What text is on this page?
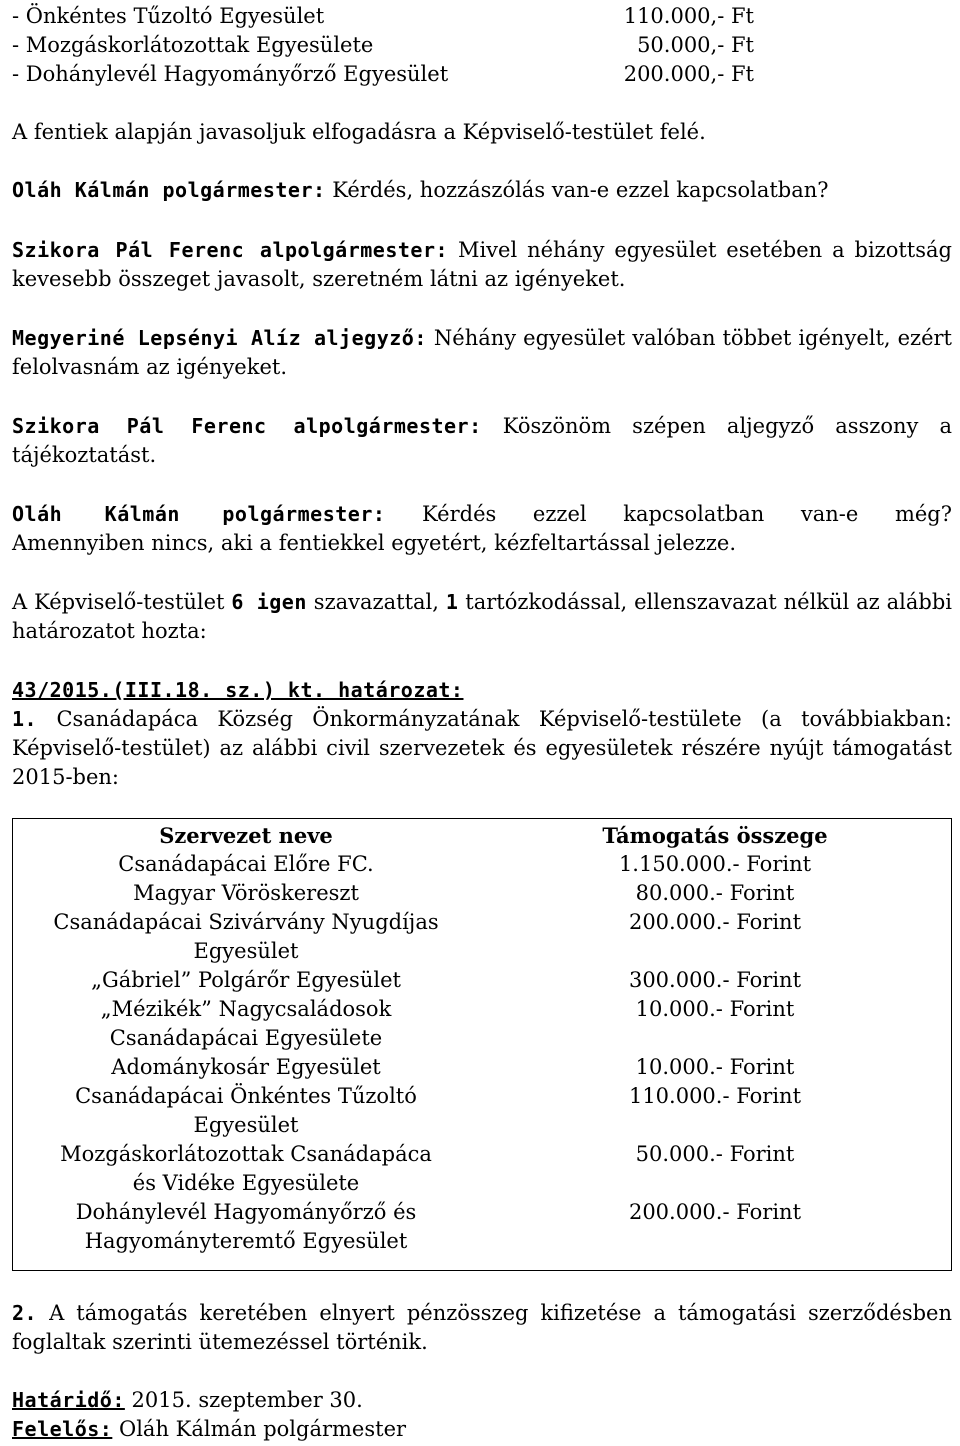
- Önkéntes Tűzoltó Egyesület	110.000,- Ft
- Mozgáskorlátozottak Egyesülete	50.000,- Ft
- Dohánylevél Hagyományőrző Egyesület	200.000,- Ft

A fentiek alapján javasoljuk elfogadásra a Képviselő-testület felé.

Oláh Kálmán polgármester: Kérdés, hozzászólás van-e ezzel kapcsolatban?

Szikora Pál Ferenc alpolgármester: Mivel néhány egyesület esetében a bizottság kevesebb összeget javasolt, szeretném látni az igényeket.

Megyeriné Lepsényi Alíz aljegyző: Néhány egyesület valóban többet igényelt, ezért felolvasnám az igényeket.

Szikora Pál Ferenc alpolgármester: Köszönöm szépen aljegyző asszony a tájékoztatást.

Oláh Kálmán polgármester: Kérdés ezzel kapcsolatban van-e még?

Amennyiben nincs, aki a fentiekkel egyetért, kézfeltartással jelezze.

A Képviselő-testület 6 igen szavazattal, 1 tartózkodással, ellenszavazat nélkül az alábbi határozatot hozta:

43/2015.(III.18. sz.) kt. határozat:

1. Csanádapáca Község Önkormányzatának Képviselő-testülete (a továbbiakban: Képviselő-testület) az alábbi civil szervezetek és egyesületek részére nyújt támogatást 2015-ben:

Szervezet neve	Támogatás összege

Csanádapácai Előre FC.	1.150.000.- Forint

Magyar Vöröskereszt	80.000.- Forint

Csanádapácai Szivárvány Nyugdíjas
Egyesület	200.000.- Forint

„Gábriel” Polgárőr Egyesület	300.000.- Forint

„Mézikék” Nagycsaládosok
Csanádapácai Egyesülete	10.000.- Forint

Adománykosár Egyesület	10.000.- Forint

Csanádapácai Önkéntes Tűzoltó
Egyesület	110.000.- Forint

Mozgáskorlátozottak Csanádapáca
és Vidéke Egyesülete	50.000.- Forint

Dohánylevél Hagyományőrző és
Hagyományteremtő Egyesület	200.000.- Forint

2. A támogatás keretében elnyert pénzösszeg kifizetése a támogatási szerződésben foglaltak szerinti ütemezéssel történik.

Határidő: 2015. szeptember 30.

Felelős: Oláh Kálmán polgármester
